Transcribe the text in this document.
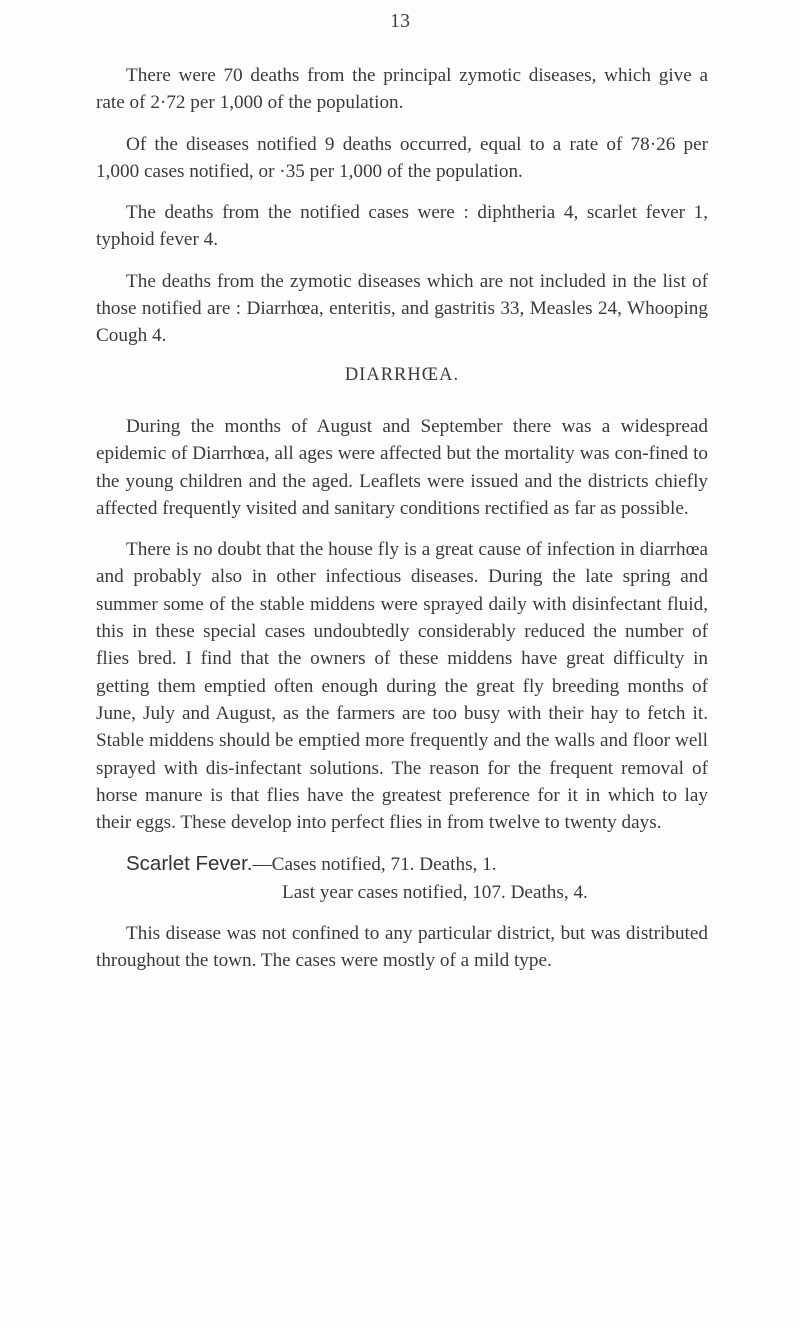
13

There were 70 deaths from the principal zymotic diseases, which give a rate of 2·72 per 1,000 of the population.

Of the diseases notified 9 deaths occurred, equal to a rate of 78·26 per 1,000 cases notified, or ·35 per 1,000 of the population.

The deaths from the notified cases were : diphtheria 4, scarlet fever 1, typhoid fever 4.

The deaths from the zymotic diseases which are not included in the list of those notified are : Diarrhœa, enteritis, and gastritis 33, Measles 24, Whooping Cough 4.

DIARRHŒA.

During the months of August and September there was a widespread epidemic of Diarrhœa, all ages were affected but the mortality was con-fined to the young children and the aged. Leaflets were issued and the districts chiefly affected frequently visited and sanitary conditions rectified as far as possible.

There is no doubt that the house fly is a great cause of infection in diarrhœa and probably also in other infectious diseases. During the late spring and summer some of the stable middens were sprayed daily with disinfectant fluid, this in these special cases undoubtedly considerably reduced the number of flies bred. I find that the owners of these middens have great difficulty in getting them emptied often enough during the great fly breeding months of June, July and August, as the farmers are too busy with their hay to fetch it. Stable middens should be emptied more frequently and the walls and floor well sprayed with dis-infectant solutions. The reason for the frequent removal of horse manure is that flies have the greatest preference for it in which to lay their eggs. These develop into perfect flies in from twelve to twenty days.

Scarlet Fever.—Cases notified, 71. Deaths, 1.

Last year cases notified, 107. Deaths, 4.

This disease was not confined to any particular district, but was distributed throughout the town. The cases were mostly of a mild type.
